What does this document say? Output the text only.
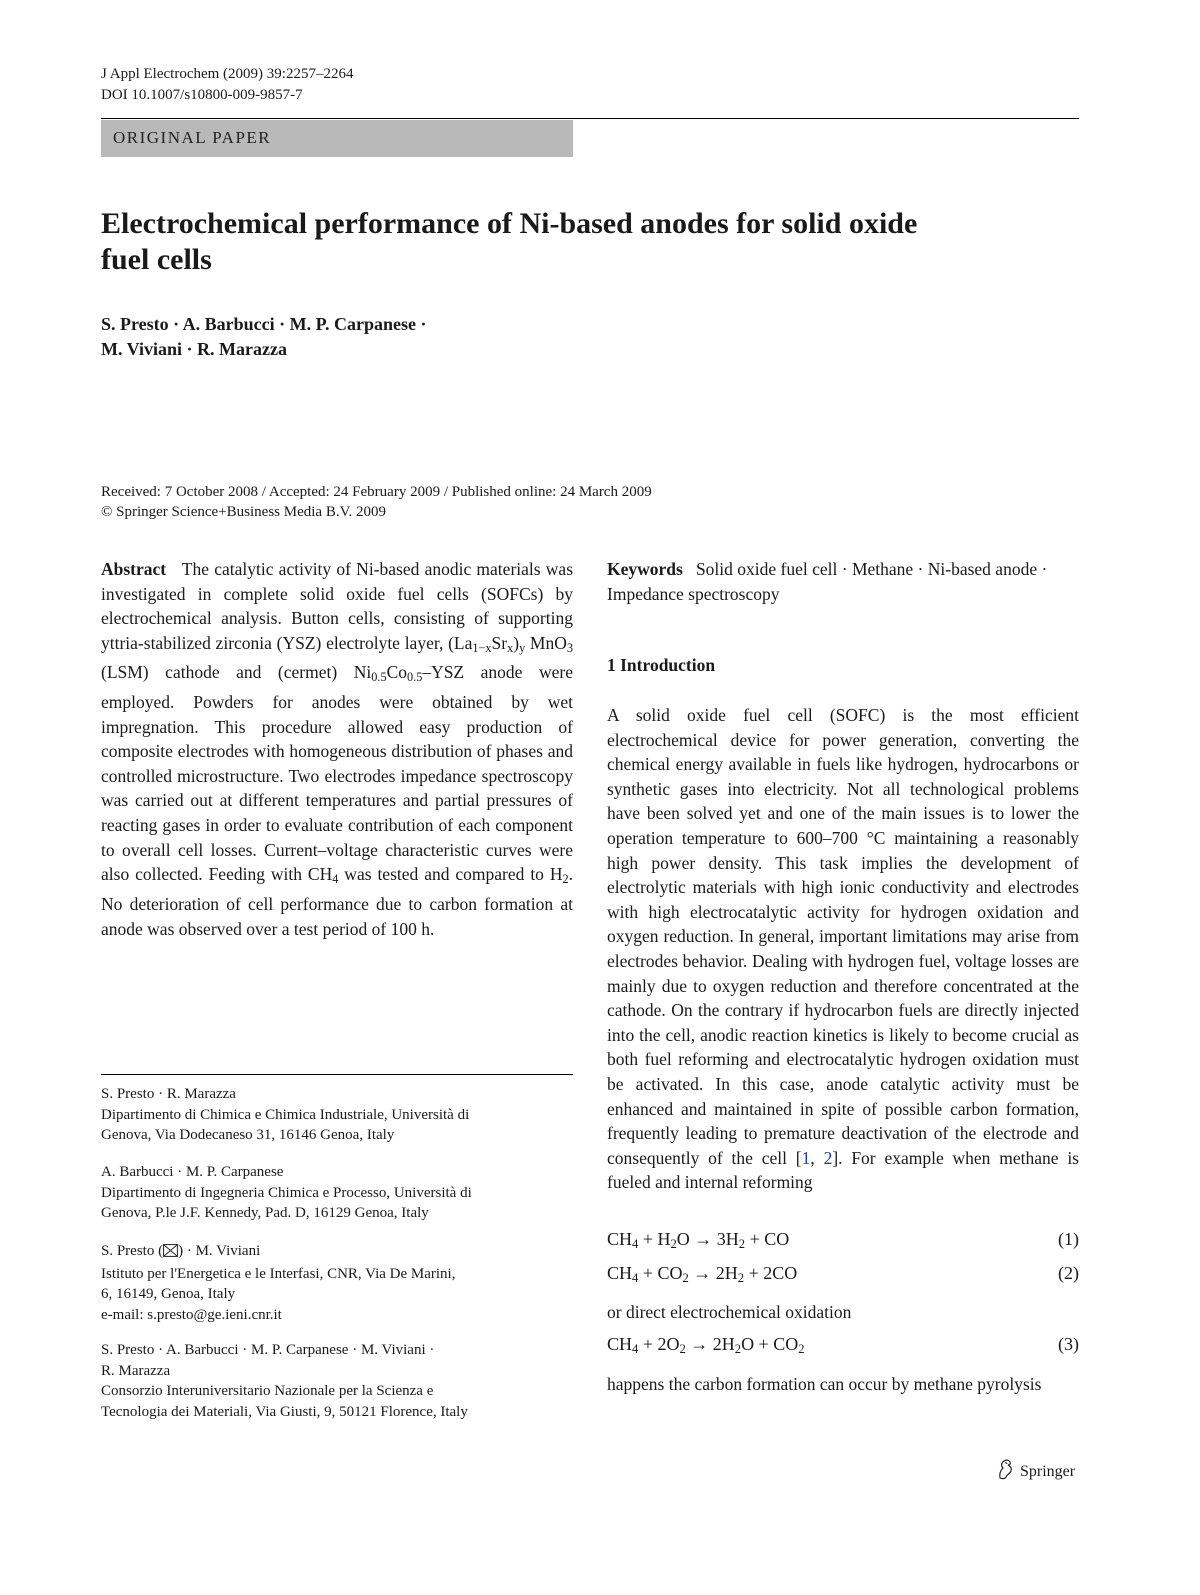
J Appl Electrochem (2009) 39:2257–2264
DOI 10.1007/s10800-009-9857-7
ORIGINAL PAPER
Electrochemical performance of Ni-based anodes for solid oxide
fuel cells
S. Presto · A. Barbucci · M. P. Carpanese ·
M. Viviani · R. Marazza
Received: 7 October 2008 / Accepted: 24 February 2009 / Published online: 24 March 2009
© Springer Science+Business Media B.V. 2009
Abstract The catalytic activity of Ni-based anodic materials was investigated in complete solid oxide fuel cells (SOFCs) by electrochemical analysis. Button cells, consisting of supporting yttria-stabilized zirconia (YSZ) electrolyte layer, $(La_{1-x}Sr_x)_y$ MnO$_3$ (LSM) cathode and (cermet) $Ni_{0.5}Co_{0.5}$–YSZ anode were employed. Powders for anodes were obtained by wet impregnation. This procedure allowed easy production of composite electrodes with homogeneous distribution of phases and controlled microstructure. Two electrodes impedance spectroscopy was carried out at different temperatures and partial pressures of reacting gases in order to evaluate contribution of each component to overall cell losses. Current–voltage characteristic curves were also collected. Feeding with $CH_4$ was tested and compared to $H_2$. No deterioration of cell performance due to carbon formation at anode was observed over a test period of 100 h.
Keywords Solid oxide fuel cell · Methane · Ni-based anode · Impedance spectroscopy
1 Introduction
A solid oxide fuel cell (SOFC) is the most efficient electrochemical device for power generation, converting the chemical energy available in fuels like hydrogen, hydrocarbons or synthetic gases into electricity. Not all technological problems have been solved yet and one of the main issues is to lower the operation temperature to 600–700 °C maintaining a reasonably high power density. This task implies the development of electrolytic materials with high ionic conductivity and electrodes with high electrocatalytic activity for hydrogen oxidation and oxygen reduction. In general, important limitations may arise from electrodes behavior. Dealing with hydrogen fuel, voltage losses are mainly due to oxygen reduction and therefore concentrated at the cathode. On the contrary if hydrocarbon fuels are directly injected into the cell, anodic reaction kinetics is likely to become crucial as both fuel reforming and electrocatalytic hydrogen oxidation must be activated. In this case, anode catalytic activity must be enhanced and maintained in spite of possible carbon formation, frequently leading to premature deactivation of the electrode and consequently of the cell [1, 2]. For example when methane is fueled and internal reforming
$CH_4 + H_2O \to 3H_2$ + CO	(1)
$CH_4 + CO_2 \to 2H_2 + 2CO$	(2)
or direct electrochemical oxidation
$CH_4 + 2O_2 \to 2H_2O + CO_2$	(3)
happens the carbon formation can occur by methane pyrolysis
S. Presto · R. Marazza
Dipartimento di Chimica e Chimica Industriale, Università di
Genova, Via Dodecaneso 31, 16146 Genoa, Italy
A. Barbucci · M. P. Carpanese
Dipartimento di Ingegneria Chimica e Processo, Università di
Genova, P.le J.F. Kennedy, Pad. D, 16129 Genoa, Italy
S. Presto ( ) · M. Viviani
Istituto per l'Energetica e le Interfasi, CNR, Via De Marini,
6, 16149, Genoa, Italy
e-mail: s.presto@ge.ieni.cnr.it
S. Presto · A. Barbucci · M. P. Carpanese · M. Viviani ·
R. Marazza
Consorzio Interuniversitario Nazionale per la Scienza e
Tecnologia dei Materiali, Via Giusti, 9, 50121 Florence, Italy
Springer
